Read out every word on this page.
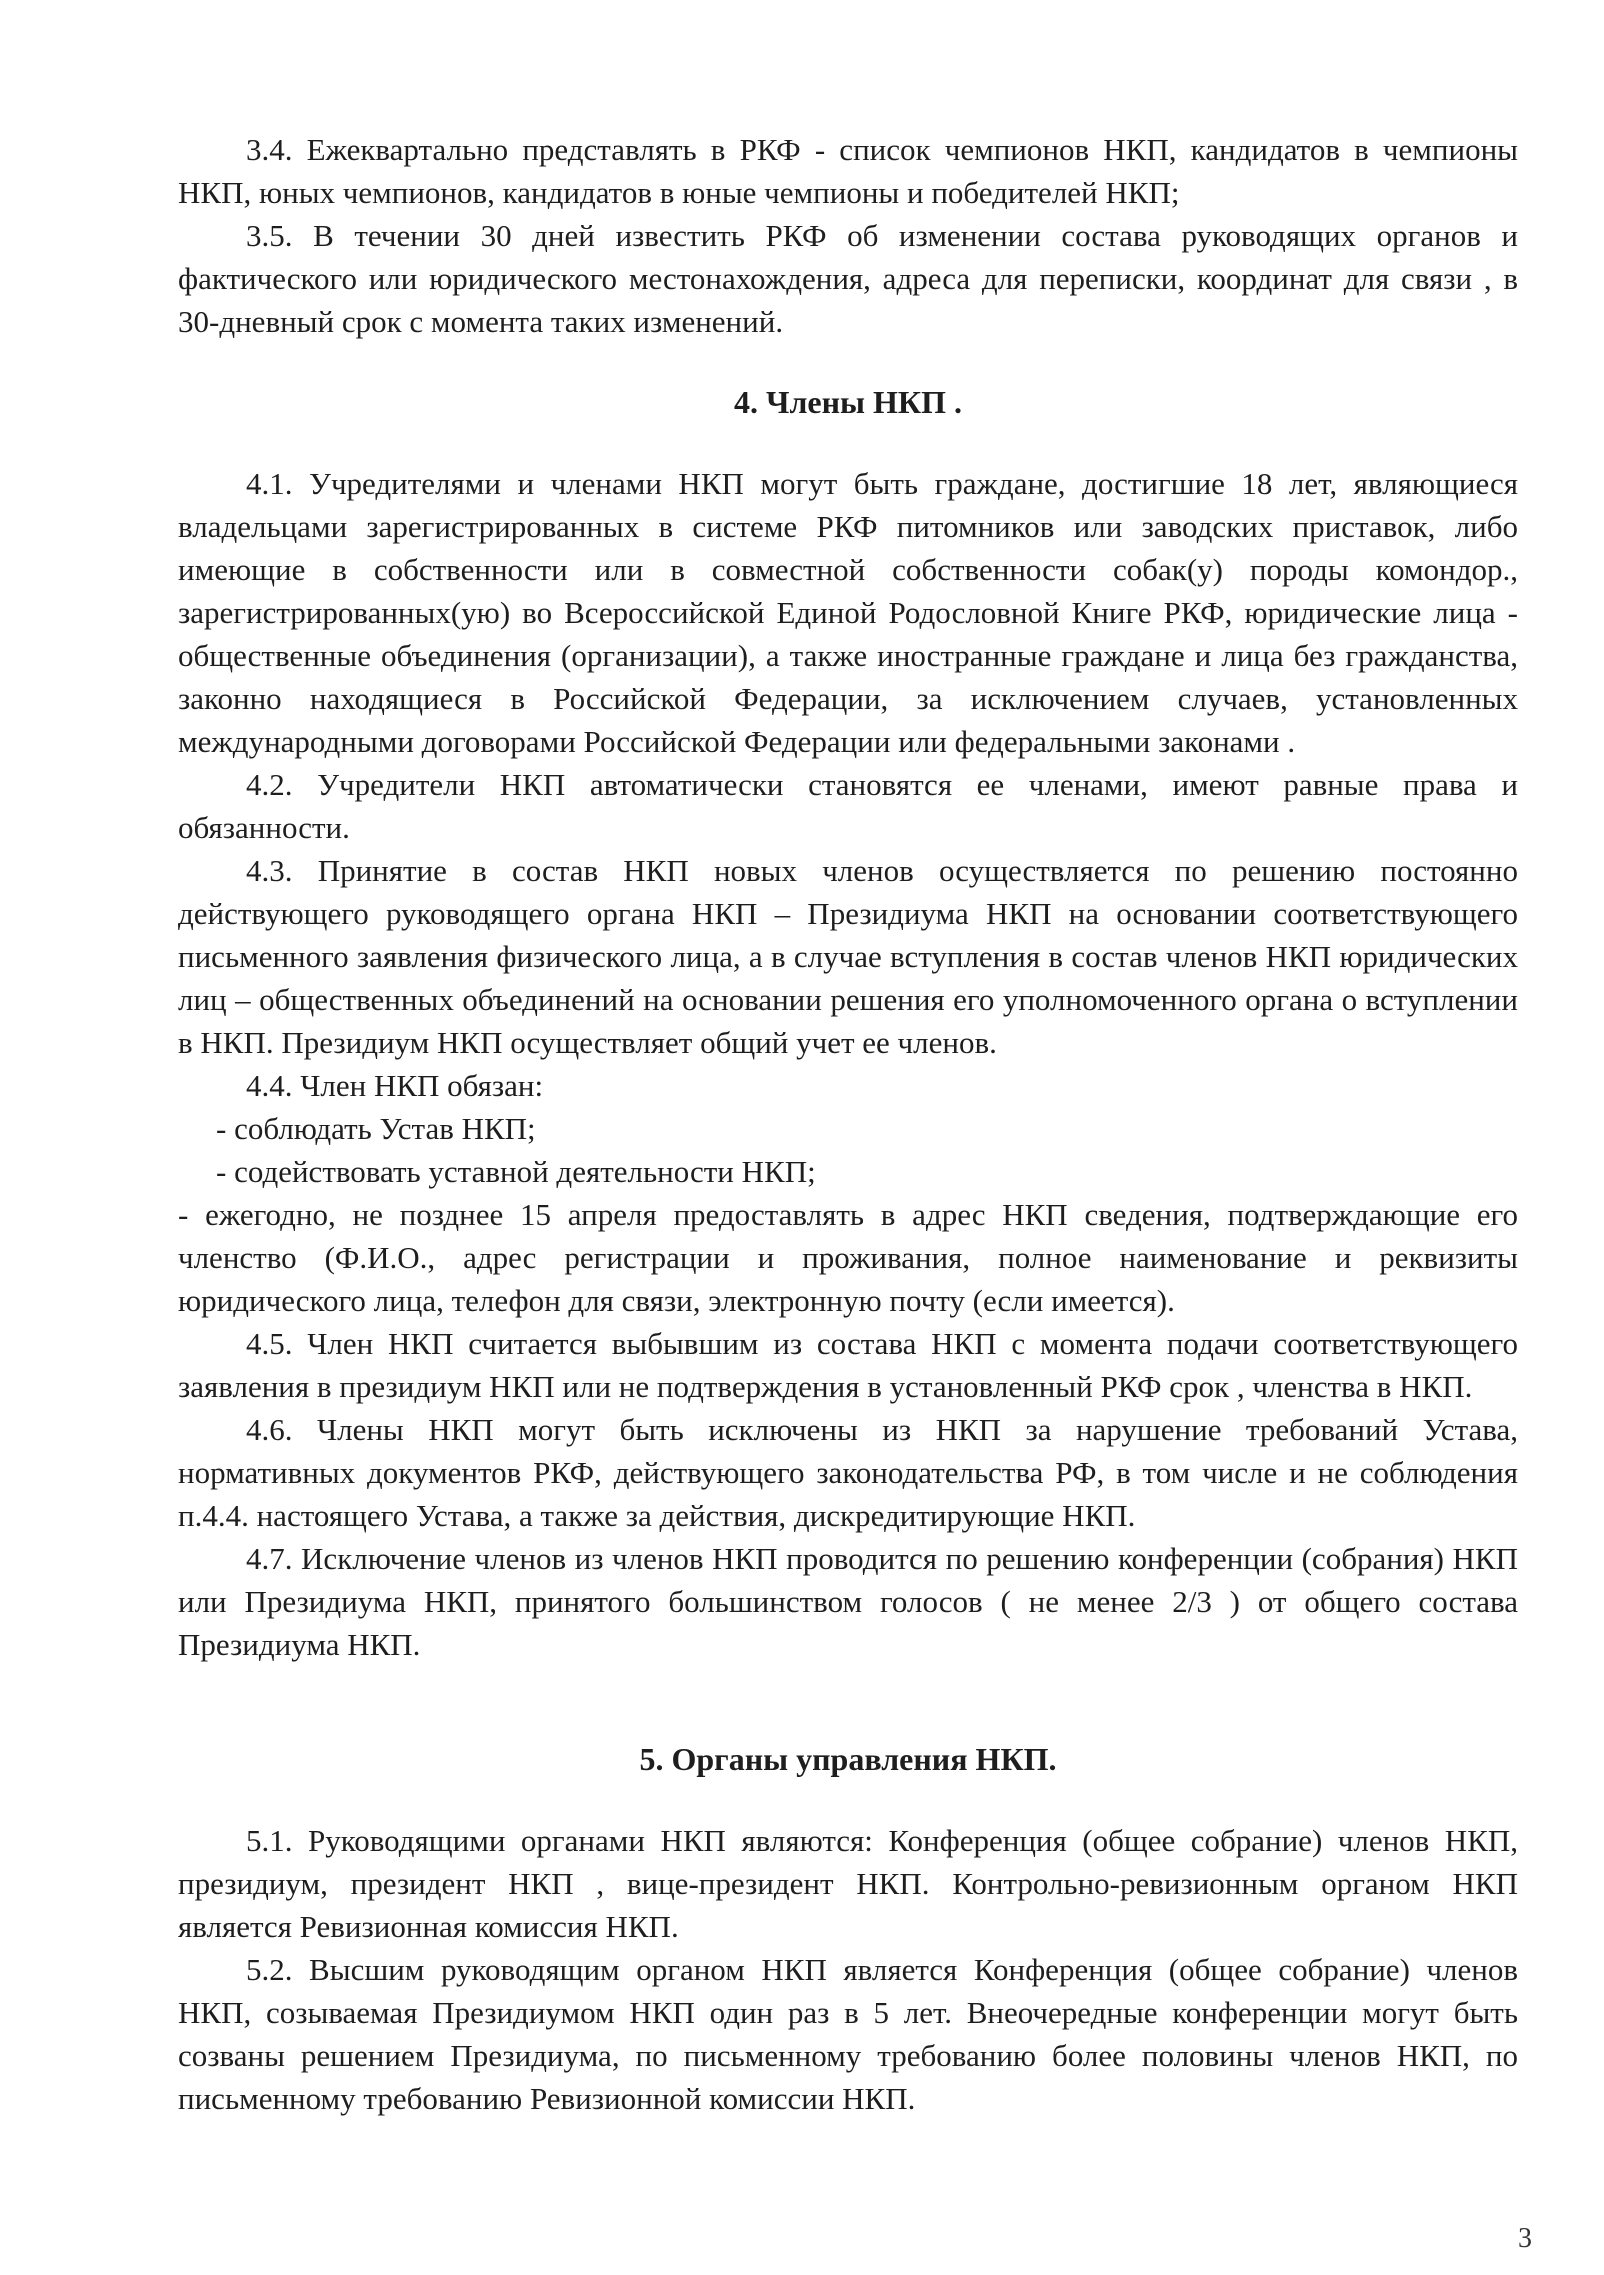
3.4. Ежеквартально представлять в РКФ - список чемпионов НКП, кандидатов в чемпионы НКП, юных чемпионов, кандидатов в юные чемпионы и победителей НКП;

3.5. В течении 30 дней известить РКФ об изменении состава руководящих органов и фактического или юридического местонахождения, адреса для переписки, координат для связи , в 30-дневный срок с момента таких изменений.

4. Члены НКП .

4.1. Учредителями и членами НКП могут быть граждане, достигшие 18 лет, являющиеся владельцами зарегистрированных в системе РКФ питомников или заводских приставок, либо имеющие в собственности или в совместной собственности собак(у) породы комондор., зарегистрированных(ую) во Всероссийской Единой Родословной Книге РКФ, юридические лица - общественные объединения (организации), а также иностранные граждане и лица без гражданства, законно находящиеся в Российской Федерации, за исключением случаев, установленных международными договорами Российской Федерации или федеральными законами .

4.2. Учредители НКП автоматически становятся ее членами, имеют равные права и обязанности.

4.3. Принятие в состав НКП новых членов осуществляется по решению постоянно действующего руководящего органа НКП – Президиума НКП на основании соответствующего письменного заявления физического лица, а в случае вступления в состав членов НКП юридических лиц – общественных объединений на основании решения его уполномоченного органа о вступлении в НКП. Президиум НКП осуществляет общий учет ее членов.

4.4. Член НКП обязан:

- соблюдать Устав НКП;

- содействовать уставной деятельности НКП;

- ежегодно, не позднее 15 апреля предоставлять в адрес НКП сведения, подтверждающие его членство (Ф.И.О., адрес регистрации и проживания, полное наименование и реквизиты юридического лица, телефон для связи, электронную почту (если имеется).

4.5. Член НКП считается выбывшим из состава НКП с момента подачи соответствующего заявления в президиум НКП или не подтверждения в установленный РКФ срок , членства в НКП.

4.6. Члены НКП могут быть исключены из НКП за нарушение требований Устава, нормативных документов РКФ, действующего законодательства РФ, в том числе и не соблюдения п.4.4. настоящего Устава, а также за действия, дискредитирующие НКП.

4.7. Исключение членов из членов НКП проводится по решению конференции (собрания) НКП или Президиума НКП, принятого большинством голосов ( не менее 2/3 ) от общего состава Президиума НКП.

5. Органы управления НКП.

5.1. Руководящими органами НКП являются: Конференция (общее собрание) членов НКП, президиум, президент НКП , вице-президент НКП. Контрольно-ревизионным органом НКП является Ревизионная комиссия НКП.

5.2. Высшим руководящим органом НКП является Конференция (общее собрание) членов НКП, созываемая Президиумом НКП один раз в 5 лет. Внеочередные конференции могут быть созваны решением Президиума, по письменному требованию более половины членов НКП, по письменному требованию Ревизионной комиссии НКП.

3
